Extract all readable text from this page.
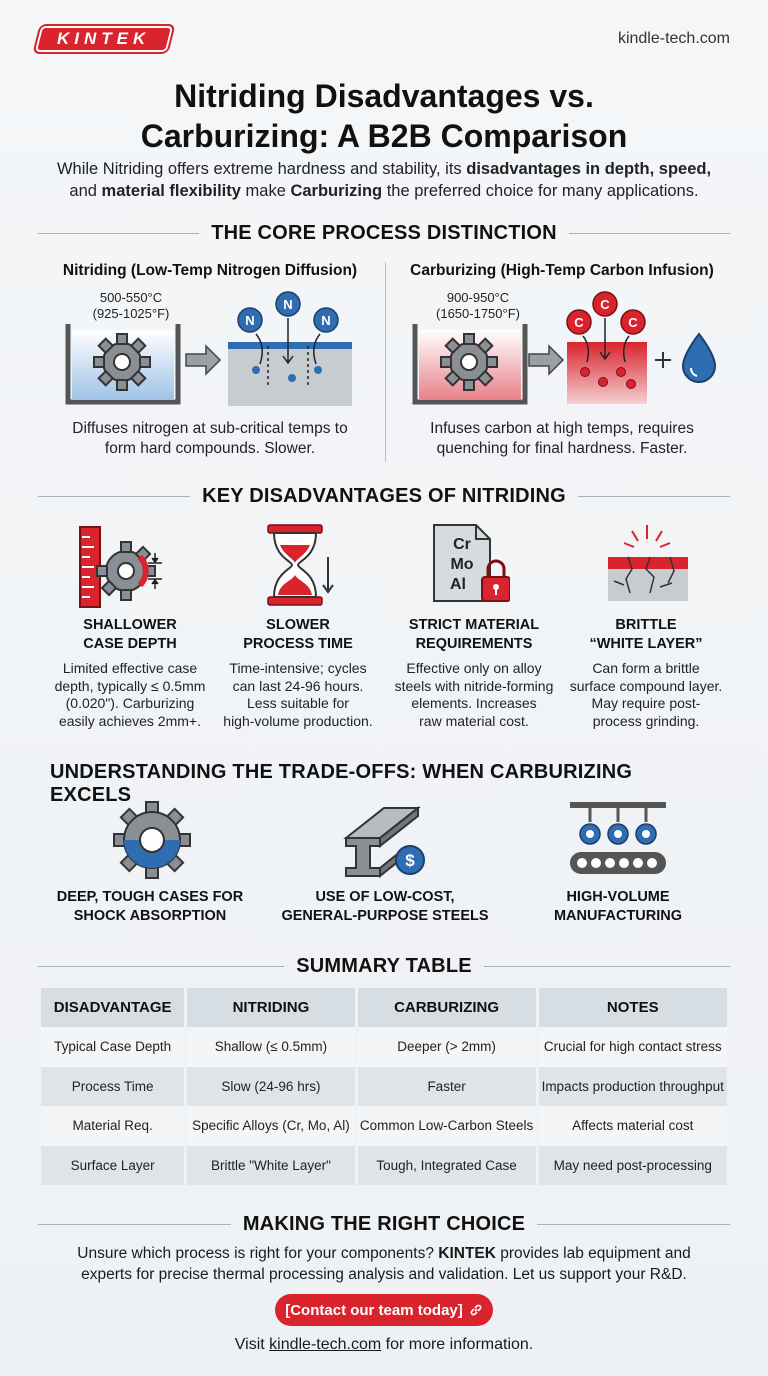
KINTEK	kindle-tech.com
Nitriding Disadvantages vs.
Carburizing: A B2B Comparison
While Nitriding offers extreme hardness and stability, its disadvantages in depth, speed,
and material flexibility make Carburizing the preferred choice for many applications.
THE CORE PROCESS DISTINCTION
Nitriding (Low-Temp Nitrogen Diffusion)	Carburizing (High-Temp Carbon Infusion)
500-550°C
(925-1025°F)	N
N
N
Diffuses nitrogen at sub-critical temps to
form hard compounds. Slower.
900-950°C
(1650-1750°F)
C
C
C
Infuses carbon at high temps, requires
quenching for final hardness. Faster.
KEY DISADVANTAGES OF NITRIDING
Cr
Mo
Al
SHALLOWER
CASE DEPTH
Limited effective case
depth, typically ≤ 0.5mm
(0.020"). Carburizing
easily achieves 2mm+.
SLOWER
PROCESS TIME
Time-intensive; cycles
can last 24-96 hours.
Less suitable for
high-volume production.
STRICT MATERIAL
REQUIREMENTS
Effective only on alloy
steels with nitride-forming
elements. Increases
raw material cost.
BRITTLE
“WHITE LAYER”
Can form a brittle
surface compound layer.
May require post-
process grinding.
UNDERSTANDING THE TRADE-OFFS: WHEN CARBURIZING EXCELS
$
DEEP, TOUGH CASES FOR
SHOCK ABSORPTION
USE OF LOW-COST,
GENERAL-PURPOSE STEELS
HIGH-VOLUME
MANUFACTURING
SUMMARY TABLE
DISADVANTAGE	NITRIDING	CARBURIZING	NOTES
Typical Case Depth	Shallow (≤ 0.5mm)	Deeper (> 2mm)	Crucial for high contact stress
Process Time	Slow (24-96 hrs)	Faster	Impacts production throughput
Material Req.	Specific Alloys (Cr, Mo, Al)	Common Low-Carbon Steels	Affects material cost
Surface Layer	Brittle "White Layer"	Tough, Integrated Case	May need post-processing
MAKING THE RIGHT CHOICE
Unsure which process is right for your components? KINTEK provides lab equipment and
experts for precise thermal processing analysis and validation. Let us support your R&D.
[Contact our team today]
Visit kindle-tech.com for more information.
